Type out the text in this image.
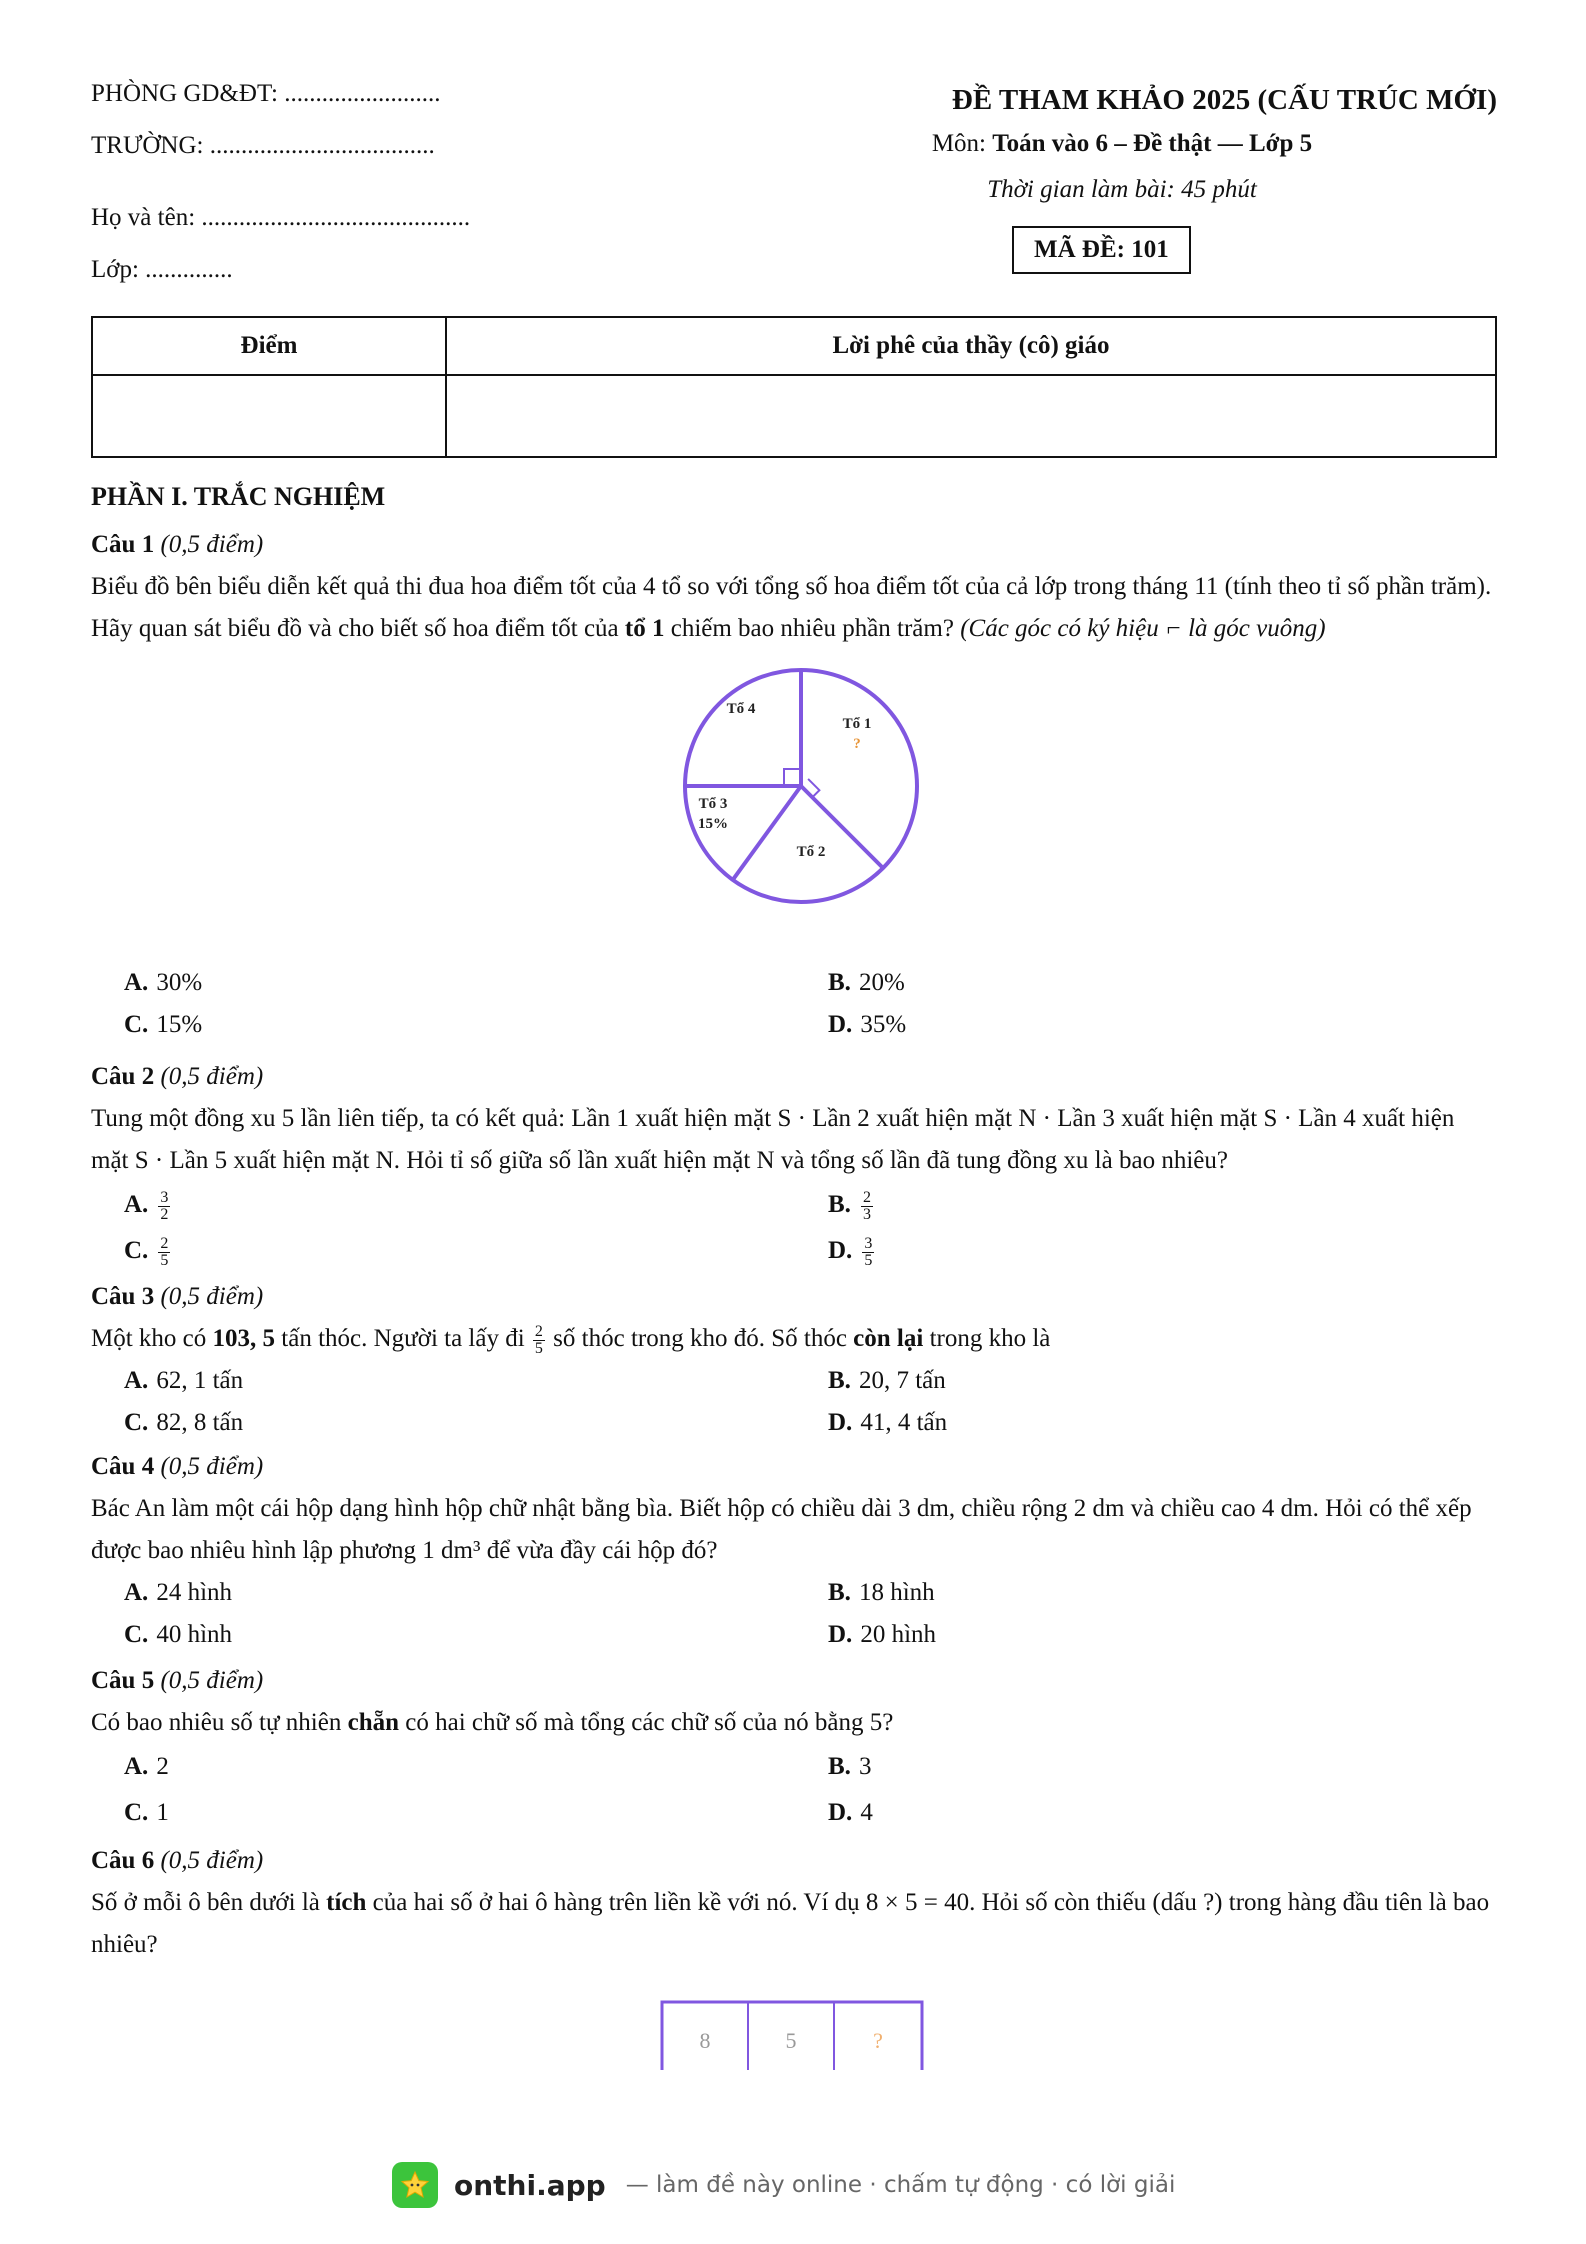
PHÒNG GD&ĐT: .........................
TRƯỜNG: ....................................
Họ và tên: ...........................................
Lớp: ..............
ĐỀ THAM KHẢO 2025 (CẤU TRÚC MỚI)
Môn: Toán vào 6 – Đề thật — Lớp 5
Thời gian làm bài: 45 phút
MÃ ĐỀ: 101
Điểm	Lời phê của thầy (cô) giáo

PHẦN I. TRẮC NGHIỆM
Câu 1 (0,5 điểm)
Biểu đồ bên biểu diễn kết quả thi đua hoa điểm tốt của 4 tổ so với tổng số hoa điểm tốt của cả lớp trong tháng 11 (tính theo tỉ số phần trăm). Hãy quan sát biểu đồ và cho biết số hoa điểm tốt của tổ 1 chiếm bao nhiêu phần trăm? (Các góc có ký hiệu ⌐ là góc vuông)
Tổ 1
?
Tổ 2
Tổ 3
15%
Tổ 4
A. 30%	B. 20%
C. 15%	D. 35%
Câu 2 (0,5 điểm)
Tung một đồng xu 5 lần liên tiếp, ta có kết quả: Lần 1 xuất hiện mặt S · Lần 2 xuất hiện mặt N · Lần 3 xuất hiện mặt S · Lần 4 xuất hiện mặt S · Lần 5 xuất hiện mặt N. Hỏi tỉ số giữa số lần xuất hiện mặt N và tổng số lần đã tung đồng xu là bao nhiêu?
A. $\frac{3}{2}$	B. $\frac{2}{3}$
C. $\frac{2}{5}$	D. $\frac{3}{5}$
Câu 3 (0,5 điểm)
Một kho có 103, 5 tấn thóc. Người ta lấy đi $\frac{2}{5}$ số thóc trong kho đó. Số thóc còn lại trong kho là
A. 62, 1 tấn	B. 20, 7 tấn
C. 82, 8 tấn	D. 41, 4 tấn
Câu 4 (0,5 điểm)
Bác An làm một cái hộp dạng hình hộp chữ nhật bằng bìa. Biết hộp có chiều dài 3 dm, chiều rộng 2 dm và chiều cao 4 dm. Hỏi có thể xếp được bao nhiêu hình lập phương 1 dm³ để vừa đầy cái hộp đó?
A. 24 hình	B. 18 hình
C. 40 hình	D. 20 hình
Câu 5 (0,5 điểm)
Có bao nhiêu số tự nhiên chẵn có hai chữ số mà tổng các chữ số của nó bằng 5?
A. 2	B. 3
C. 1	D. 4
Câu 6 (0,5 điểm)
Số ở mỗi ô bên dưới là tích của hai số ở hai ô hàng trên liền kề với nó. Ví dụ 8 × 5 = 40. Hỏi số còn thiếu (dấu ?) trong hàng đầu tiên là bao nhiêu?
8	5	?
onthi.app — làm đề này online · chấm tự động · có lời giải
